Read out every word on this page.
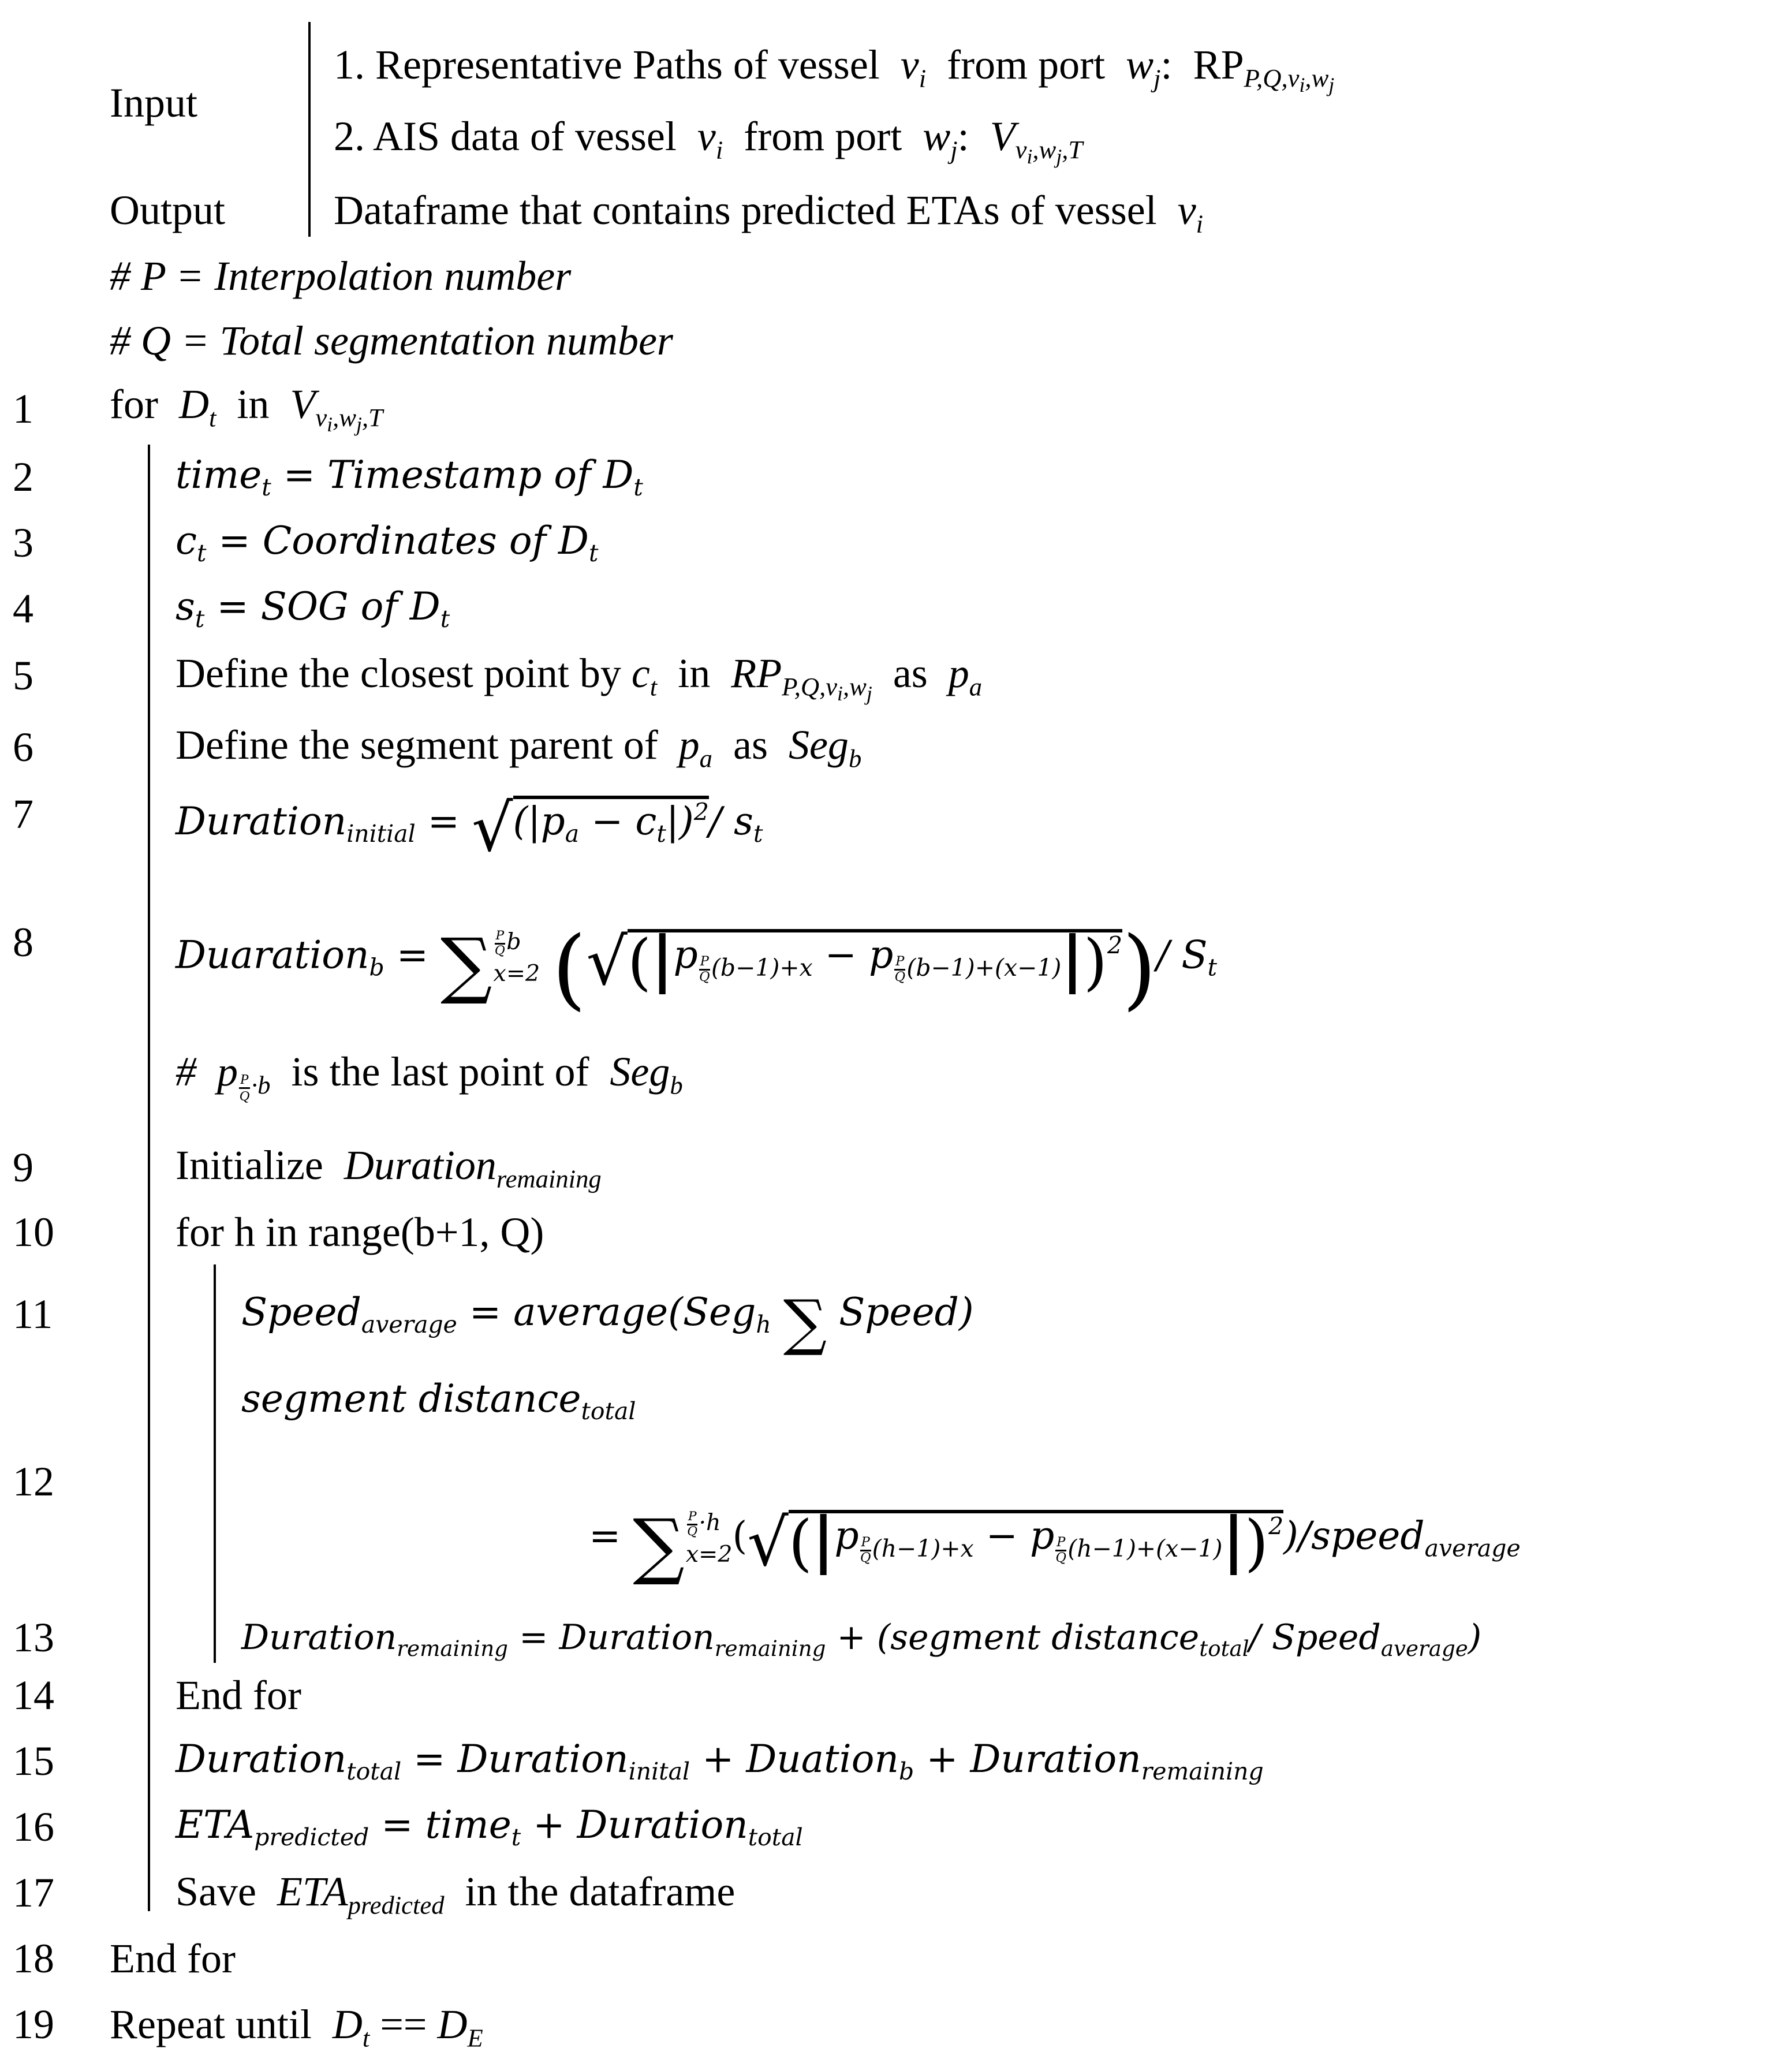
Input
1. Representative Paths of vessel $v_i$ from port $w_j$: $RP_{P,Q,v_i,w_j}$
2. AIS data of vessel $v_i$ from port $w_j$: $V_{v_i,w_j,T}$
Output	Dataframe that contains predicted ETAs of vessel $v_i$
# P = Interpolation number
# Q = Total segmentation number
1	for $D_t$ in $V_{v_i,w_j,T}$
2	time$_t$ = Timestamp of $D_t$
3	$c_t$ = Coordinates of $D_t$
4	$s_t$ = SOG of $D_t$
5	Define the closest point by $c_t$ in $RP_{P,Q,v_i,w_j}$ as $p_a$
6	Define the segment parent of $p_a$ as Seg$_b$
7	Duration$_{initial}$ = $√(|p_a - c_t|)^2/$ $s_t$
8	Duaration$_b$ = ∑ $\frac{P}{Q}$ b
x=2 (√(|p $_{\frac{P}{Q} (b-1)+x}$ − p $_{\frac{P}{Q} (b-1)+(x-1)}$|)$^2$)/ $S_t$
# p $_{\frac{P}{Q} \cdot b}$ is the last point of Seg$_b$
9	Initialize Duration$_{remaining}$
10	for h in range(b+1, Q)
11	Speed$_{average}$ = average(Seg$_h$ ∑ Speed)
segment distance$_{total}$
12
= ∑ $\frac{P}{Q} \cdot h$
x=2 (√(|p $_{\frac{P}{Q} (h-1)+x}$ − p $_{\frac{P}{Q} (h-1)+(x-1)}$|)$^2$)/speed$_{average}$
13	Duration$_{remaining}$ = Duration$_{remaining}$ + (segment distance$_{total}$/ Speed$_{average}$)
14	End for
15	Duration$_{total}$ = Duration$_{inital}$ + Duation$_b$ + Duration$_{remaining}$
16	$ETA_{predicted}$ = time$_t$ + Duration$_{total}$
17	Save $ETA_{predicted}$ in the dataframe
18 End for
19 Repeat until $D_t == D_E$
